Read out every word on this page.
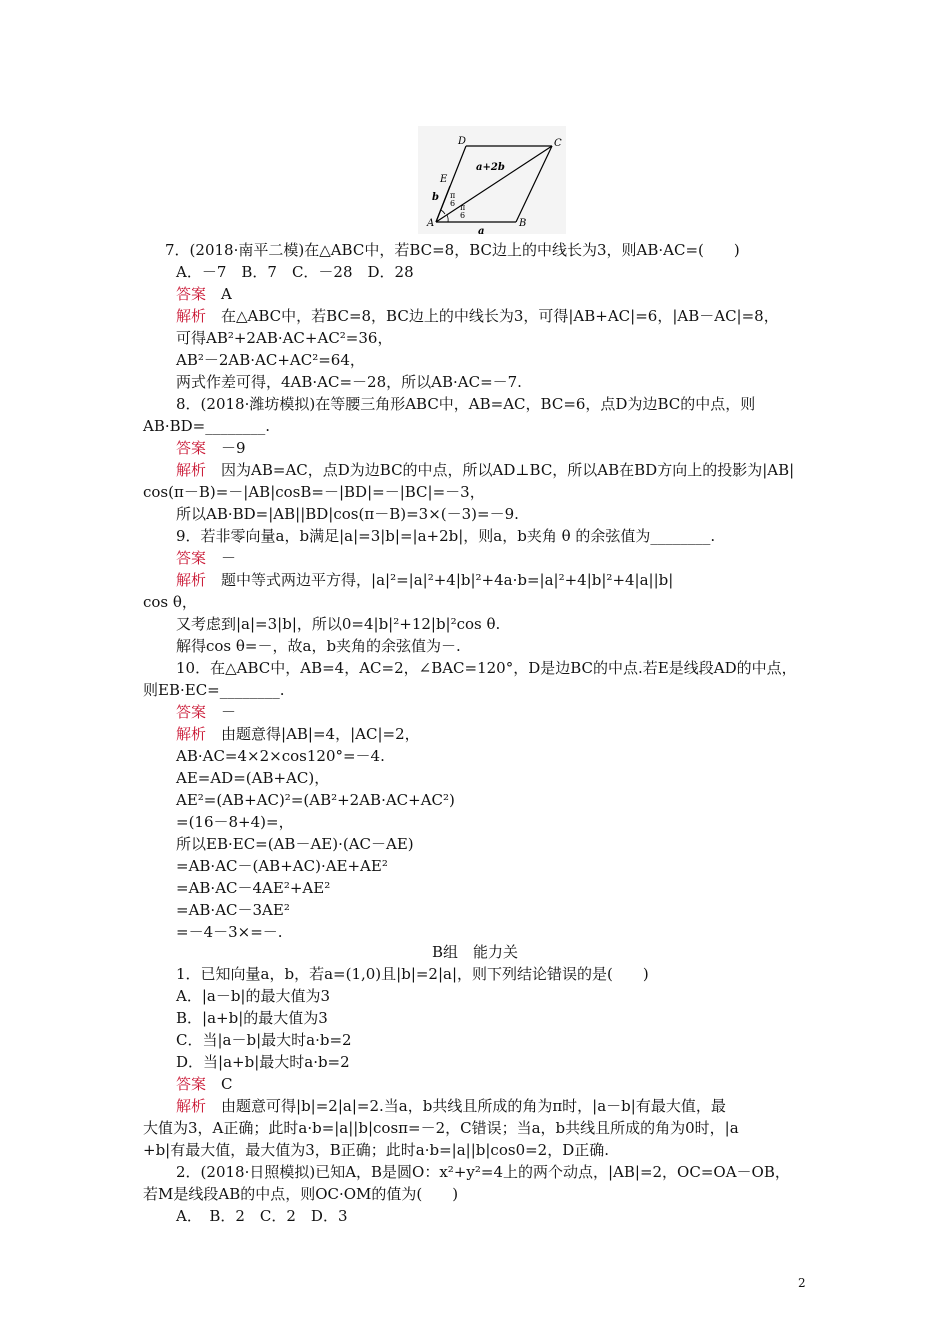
A	B
C
D
E
a
b
a+2b
π
6 π
6
7．(2018·南平二模)在△ABC中，若BC=8，BC边上的中线长为3，则AB·AC=(　　)
A．－7　B．7　C．－28　D．28
答案　A
解析　在△ABC中，若BC=8，BC边上的中线长为3，可得|AB+AC|=6，|AB－AC|=8，
可得AB²+2AB·AC+AC²=36，
AB²－2AB·AC+AC²=64，
两式作差可得，4AB·AC=－28，所以AB·AC=－7.
8．(2018·潍坊模拟)在等腰三角形ABC中，AB=AC，BC=6，点D为边BC的中点，则
AB·BD=________.
答案　－9
解析　因为AB=AC，点D为边BC的中点，所以AD⊥BC，所以AB在BD方向上的投影为|AB|
cos(π－B)=－|AB|cosB=－|BD|=－|BC|=－3，
所以AB·BD=|AB||BD|cos(π－B)=3×(－3)=－9.
9．若非零向量a，b满足|a|=3|b|=|a+2b|，则a，b夹角 θ 的余弦值为________.
答案　－
解析　题中等式两边平方得，|a|²=|a|²+4|b|²+4a·b=|a|²+4|b|²+4|a||b|
cos θ，
又考虑到|a|=3|b|，所以0=4|b|²+12|b|²cos θ.
解得cos θ=－，故a，b夹角的余弦值为－.
10．在△ABC中，AB=4，AC=2，∠BAC=120°，D是边BC的中点.若E是线段AD的中点，
则EB·EC=________.
答案　－
解析　由题意得|AB|=4，|AC|=2，
AB·AC=4×2×cos120°=－4.
AE=AD=(AB+AC)，
AE²=(AB+AC)²=(AB²+2AB·AC+AC²)
=(16－8+4)=，
所以EB·EC=(AB－AE)·(AC－AE)
=AB·AC－(AB+AC)·AE+AE²
=AB·AC－4AE²+AE²
=AB·AC－3AE²
=－4－3×=－.
1．已知向量a，b，若a=(1,0)且|b|=2|a|，则下列结论错误的是(　　)
A．|a－b|的最大值为3
B．|a+b|的最大值为3
C．当|a－b|最大时a·b=2
D．当|a+b|最大时a·b=2
答案　C
解析　由题意可得|b|=2|a|=2.当a，b共线且所成的角为π时，|a－b|有最大值，最
大值为3，A正确；此时a·b=|a||b|cosπ=－2，C错误；当a，b共线且所成的角为0时，|a
+b|有最大值，最大值为3，B正确；此时a·b=|a||b|cos0=2，D正确.
2．(2018·日照模拟)已知A，B是圆O：x²+y²=4上的两个动点，|AB|=2，OC=OA－OB，
若M是线段AB的中点，则OC·OM的值为(　　)
A．　B．2　C．2　D．3
B组　能力关
2
